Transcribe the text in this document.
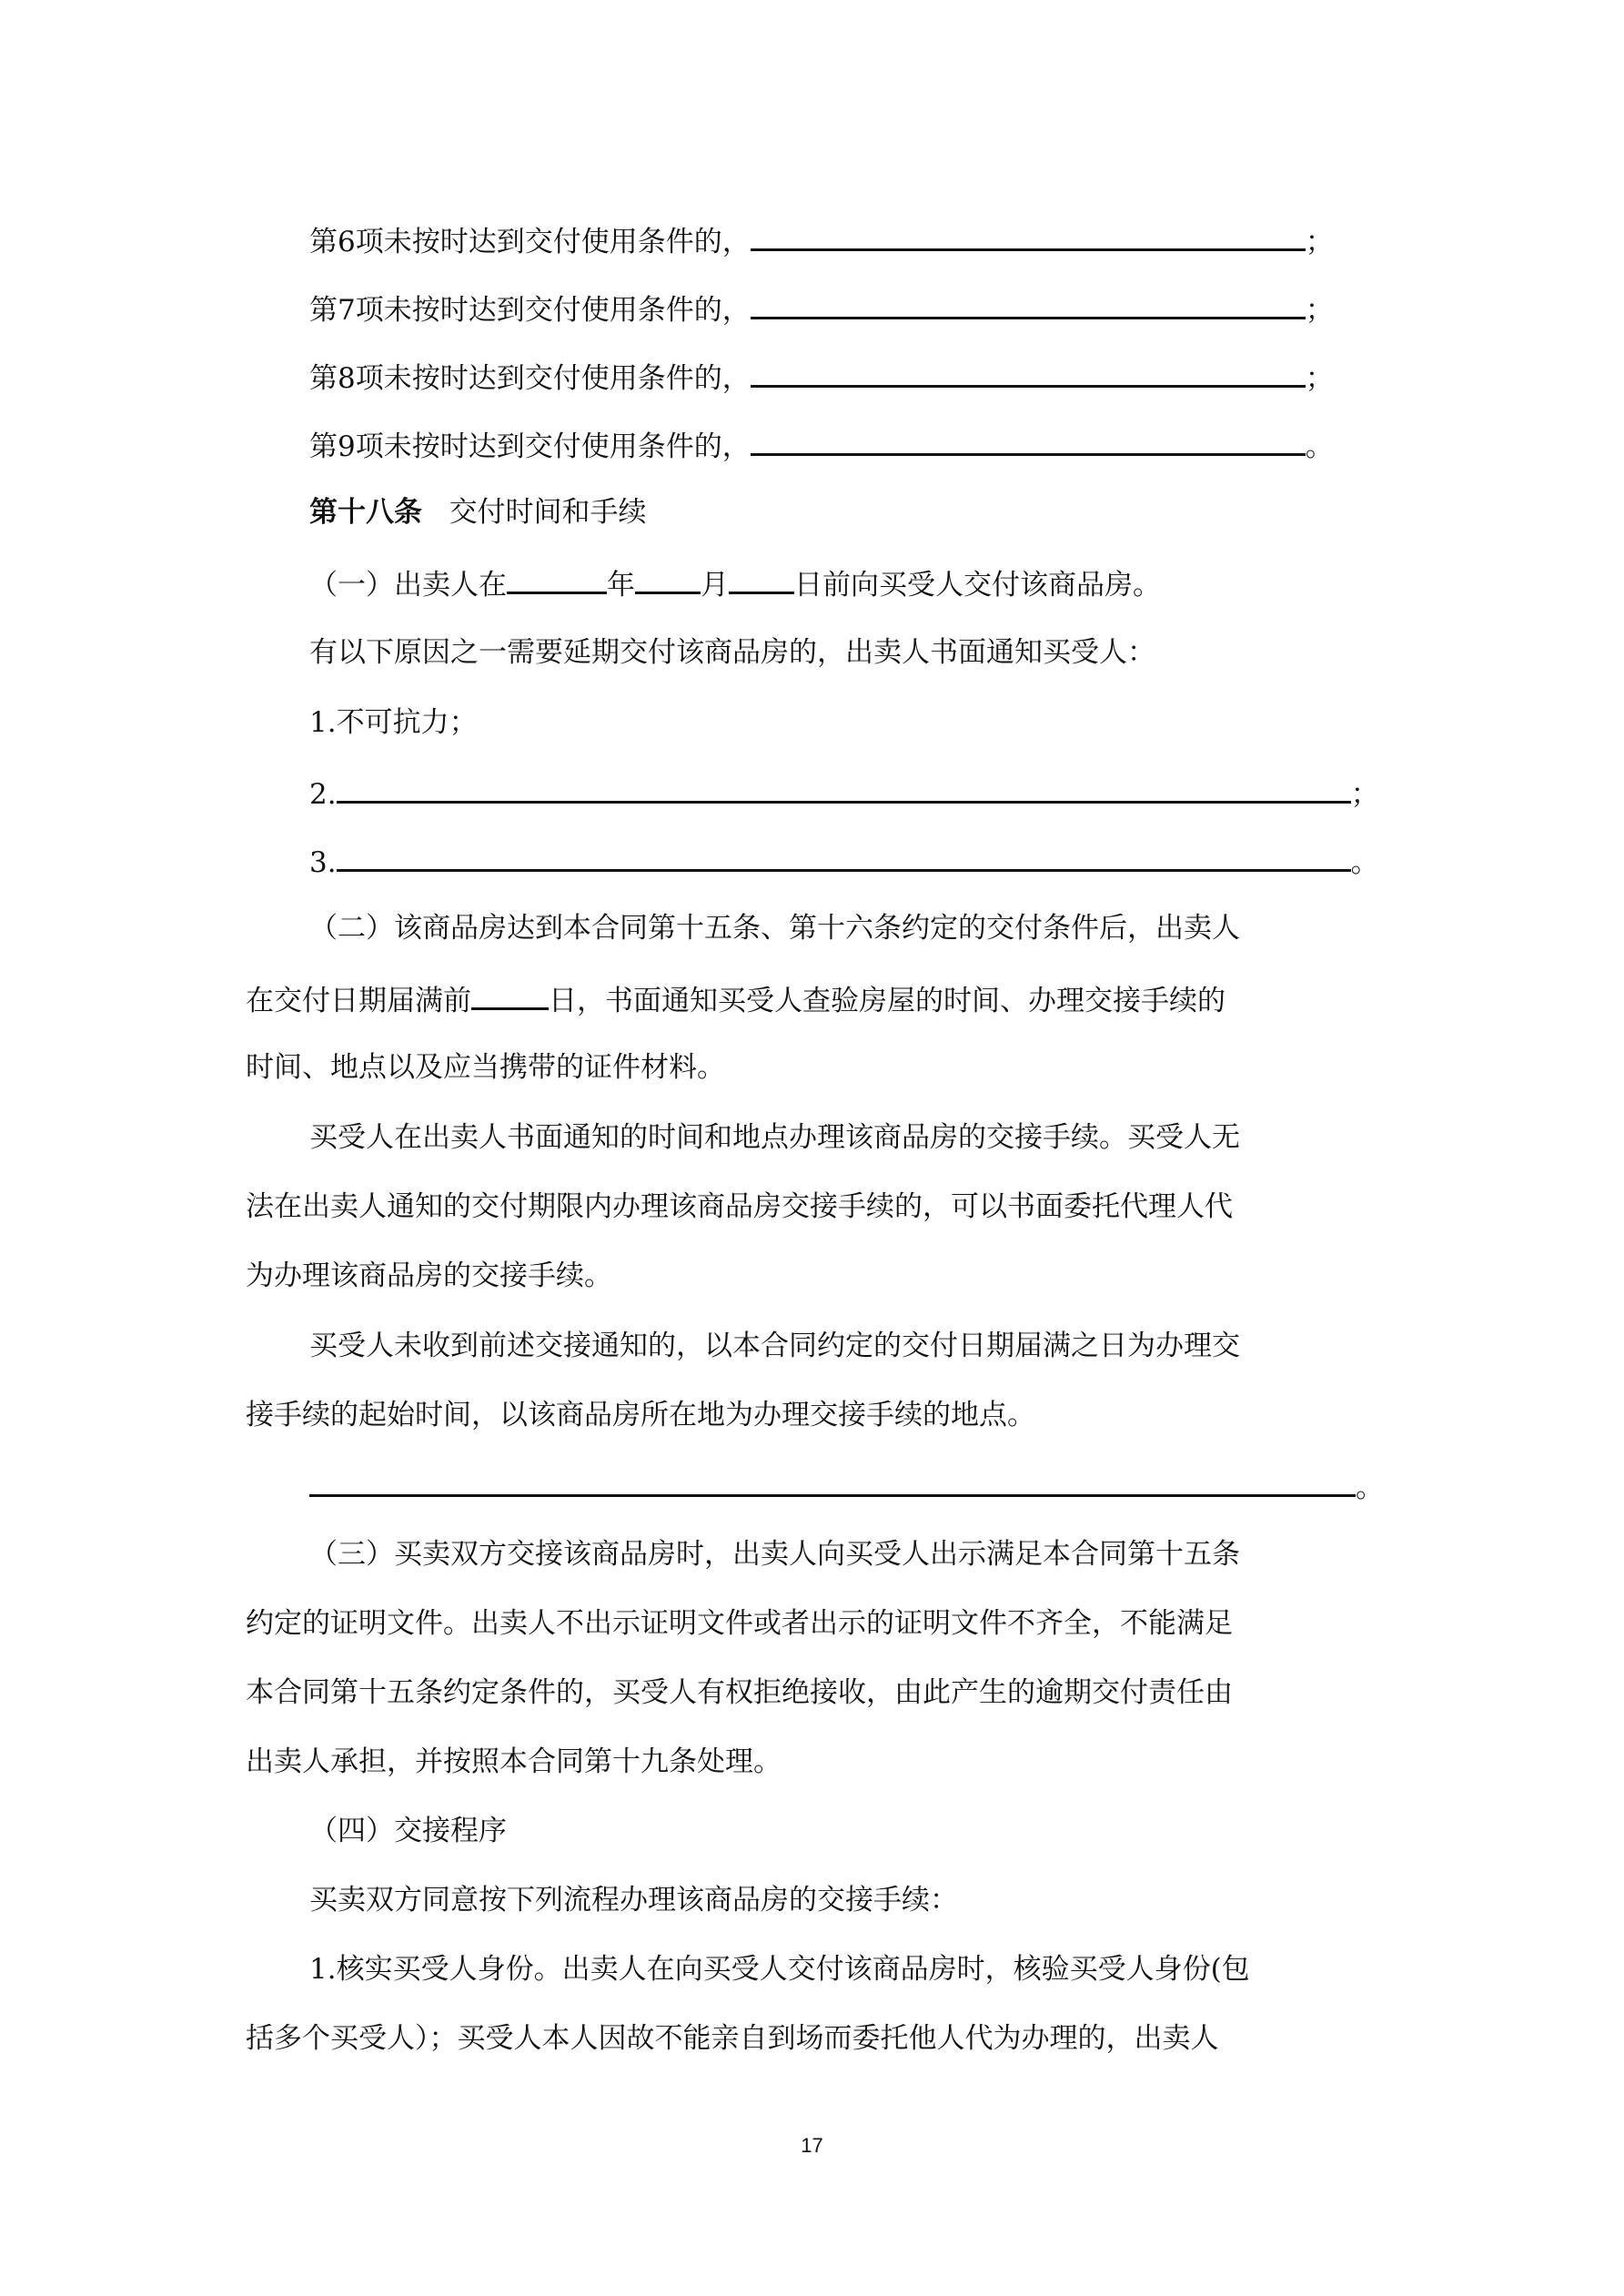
第6项未按时达到交付使用条件的，	；
第7项未按时达到交付使用条件的，	；
第8项未按时达到交付使用条件的，	；
第9项未按时达到交付使用条件的，	。
第十八条 交付时间和手续
（一）出卖人在	年 月 日前向买受人交付该商品房。
有以下原因之一需要延期交付该商品房的，出卖人书面通知买受人：
1.不可抗力；
2.	；
3.	。
（二）该商品房达到本合同第十五条、第十六条约定的交付条件后，出卖人
在交付日期届满前	日，书面通知买受人查验房屋的时间、办理交接手续的
时间、地点以及应当携带的证件材料。
买受人在出卖人书面通知的时间和地点办理该商品房的交接手续。买受人无
法在出卖人通知的交付期限内办理该商品房交接手续的，可以书面委托代理人代
为办理该商品房的交接手续。
买受人未收到前述交接通知的，以本合同约定的交付日期届满之日为办理交
接手续的起始时间，以该商品房所在地为办理交接手续的地点。
。
（三）买卖双方交接该商品房时，出卖人向买受人出示满足本合同第十五条
约定的证明文件。出卖人不出示证明文件或者出示的证明文件不齐全，不能满足
本合同第十五条约定条件的，买受人有权拒绝接收，由此产生的逾期交付责任由
出卖人承担，并按照本合同第十九条处理。
（四）交接程序
买卖双方同意按下列流程办理该商品房的交接手续：
1.核实买受人身份。出卖人在向买受人交付该商品房时，核验买受人身份(包
括多个买受人）；买受人本人因故不能亲自到场而委托他人代为办理的，出卖人
17
